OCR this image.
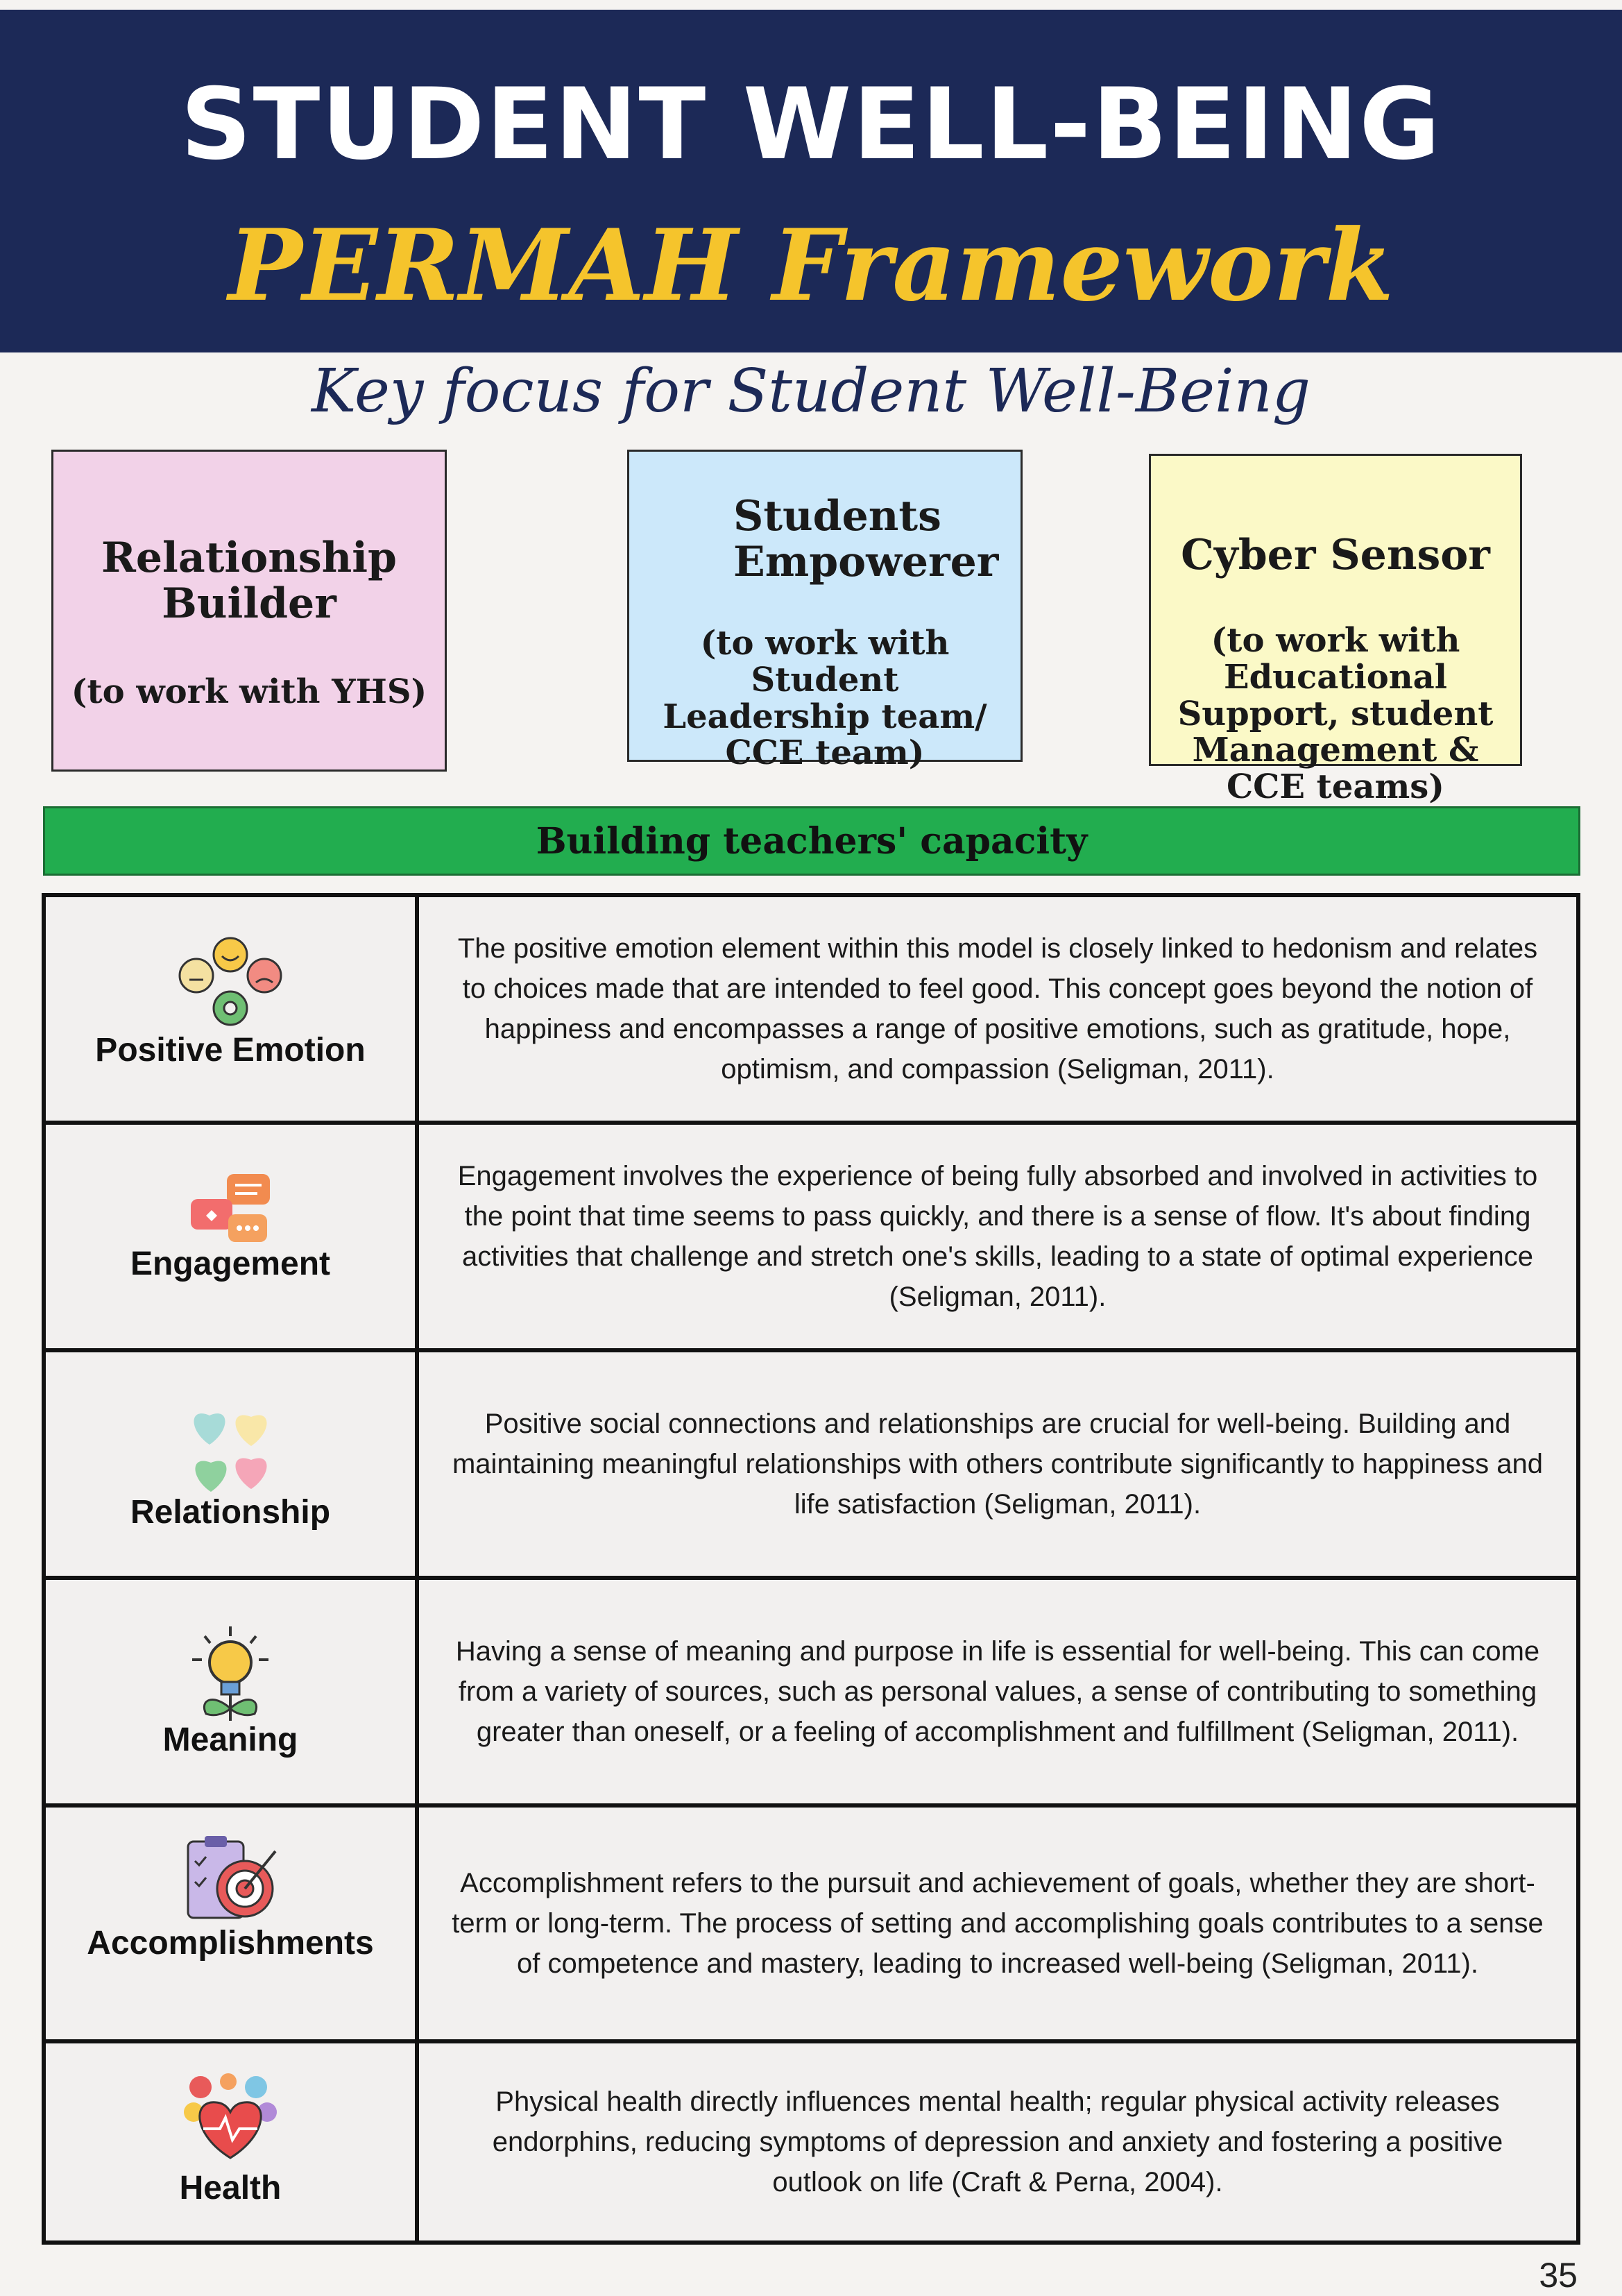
STUDENT WELL-BEING
PERMAH Framework
Key focus for Student Well-Being
Relationship Builder
(to work with YHS)
Students Empowerer
(to work with Student Leadership team/ CCE team)
Cyber Sensor
(to work with Educational Support, student Management & CCE teams)
Building teachers' capacity
Positive Emotion	The positive emotion element within this model is closely linked to hedonism and relates to choices made that are intended to feel good. This concept goes beyond the notion of happiness and encompasses a range of positive emotions, such as gratitude, hope, optimism, and compassion (Seligman, 2011).

Engagement	Engagement involves the experience of being fully absorbed and involved in activities to the point that time seems to pass quickly, and there is a sense of flow. It's about finding activities that challenge and stretch one's skills, leading to a state of optimal experience (Seligman, 2011).

Relationship	Positive social connections and relationships are crucial for well-being. Building and maintaining meaningful relationships with others contribute significantly to happiness and life satisfaction (Seligman, 2011).

Meaning	Having a sense of meaning and purpose in life is essential for well-being. This can come from a variety of sources, such as personal values, a sense of contributing to something greater than oneself, or a feeling of accomplishment and fulfillment (Seligman, 2011).

Accomplishments	Accomplishment refers to the pursuit and achievement of goals, whether they are short-term or long-term. The process of setting and accomplishing goals contributes to a sense of competence and mastery, leading to increased well-being (Seligman, 2011).

Health	Physical health directly influences mental health; regular physical activity releases endorphins, reducing symptoms of depression and anxiety and fostering a positive outlook on life (Craft & Perna, 2004).
35
